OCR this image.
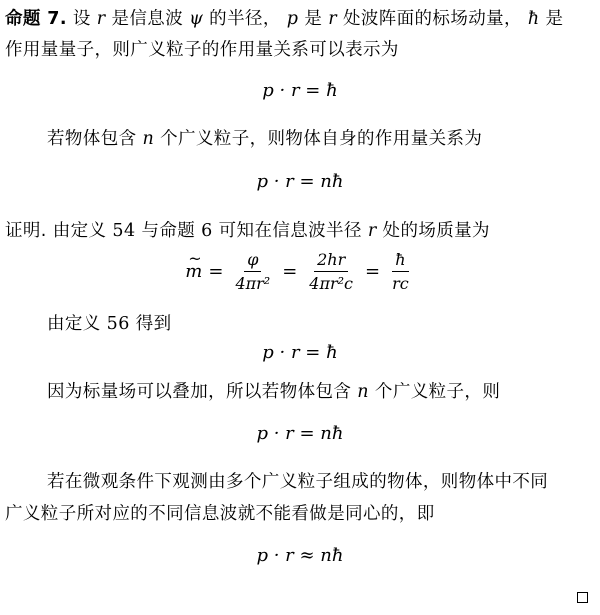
命题 7. 设 r 是信息波 ψ 的半径， p 是 r 处波阵面的标场动量， ħ 是
作用量量子，则广义粒子的作用量关系可以表示为
p · r = ħ
若物体包含 n 个广义粒子，则物体自身的作用量关系为
p · r = nħ
证明. 由定义 54 与命题 6 可知在信息波半径 r 处的场质量为
~ $m = \frac{\varphi}{\text{4πr²}} = \frac{2hr}{\text{4πr²c}} = \frac{ħ}{rc}$
由定义 56 得到
p · r = ħ
因为标量场可以叠加，所以若物体包含 n 个广义粒子，则
p · r = nħ
若在微观条件下观测由多个广义粒子组成的物体，则物体中不同
广义粒子所对应的不同信息波就不能看做是同心的，即
p · r ≈ nħ
